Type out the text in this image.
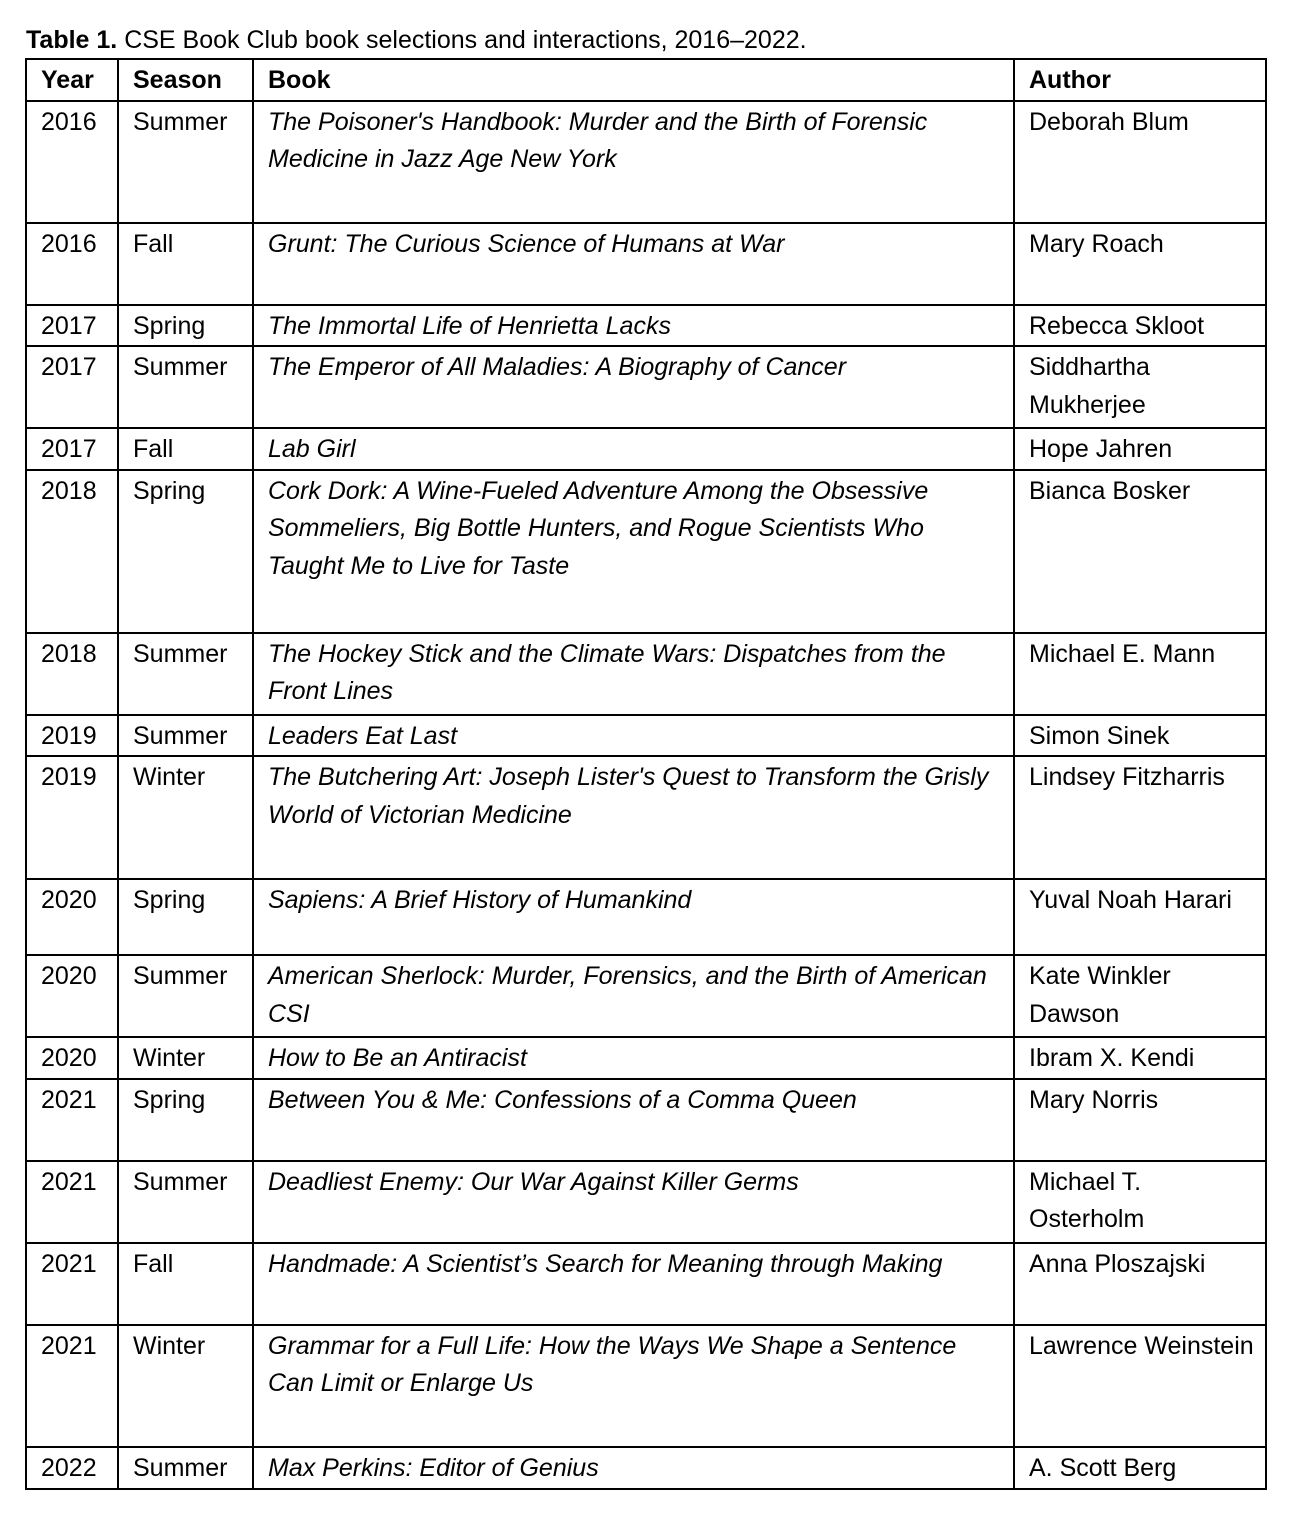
Table 1. CSE Book Club book selections and interactions, 2016–2022.
Year	Season	Book	Author
2016	Summer	The Poisoner's Handbook: Murder and the Birth of Forensic Medicine in Jazz Age New York	Deborah Blum
2016	Fall	Grunt: The Curious Science of Humans at War	Mary Roach
2017	Spring	The Immortal Life of Henrietta Lacks	Rebecca Skloot
2017	Summer	The Emperor of All Maladies: A Biography of Cancer	Siddhartha Mukherjee
2017	Fall	Lab Girl	Hope Jahren
2018	Spring	Cork Dork: A Wine-Fueled Adventure Among the Obsessive Sommeliers, Big Bottle Hunters, and Rogue Scientists Who Taught Me to Live for Taste	Bianca Bosker
2018	Summer	The Hockey Stick and the Climate Wars: Dispatches from the Front Lines	Michael E. Mann
2019	Summer	Leaders Eat Last	Simon Sinek
2019	Winter	The Butchering Art: Joseph Lister's Quest to Transform the Grisly World of Victorian Medicine	Lindsey Fitzharris
2020	Spring	Sapiens: A Brief History of Humankind	Yuval Noah Harari
2020	Summer	American Sherlock: Murder, Forensics, and the Birth of American CSI	Kate Winkler Dawson
2020	Winter	How to Be an Antiracist	Ibram X. Kendi
2021	Spring	Between You & Me: Confessions of a Comma Queen	Mary Norris
2021	Summer	Deadliest Enemy: Our War Against Killer Germs	Michael T. Osterholm
2021	Fall	Handmade: A Scientist’s Search for Meaning through Making	Anna Ploszajski
2021	Winter	Grammar for a Full Life: How the Ways We Shape a Sentence Can Limit or Enlarge Us	Lawrence Weinstein
2022	Summer	Max Perkins: Editor of Genius	A. Scott Berg
